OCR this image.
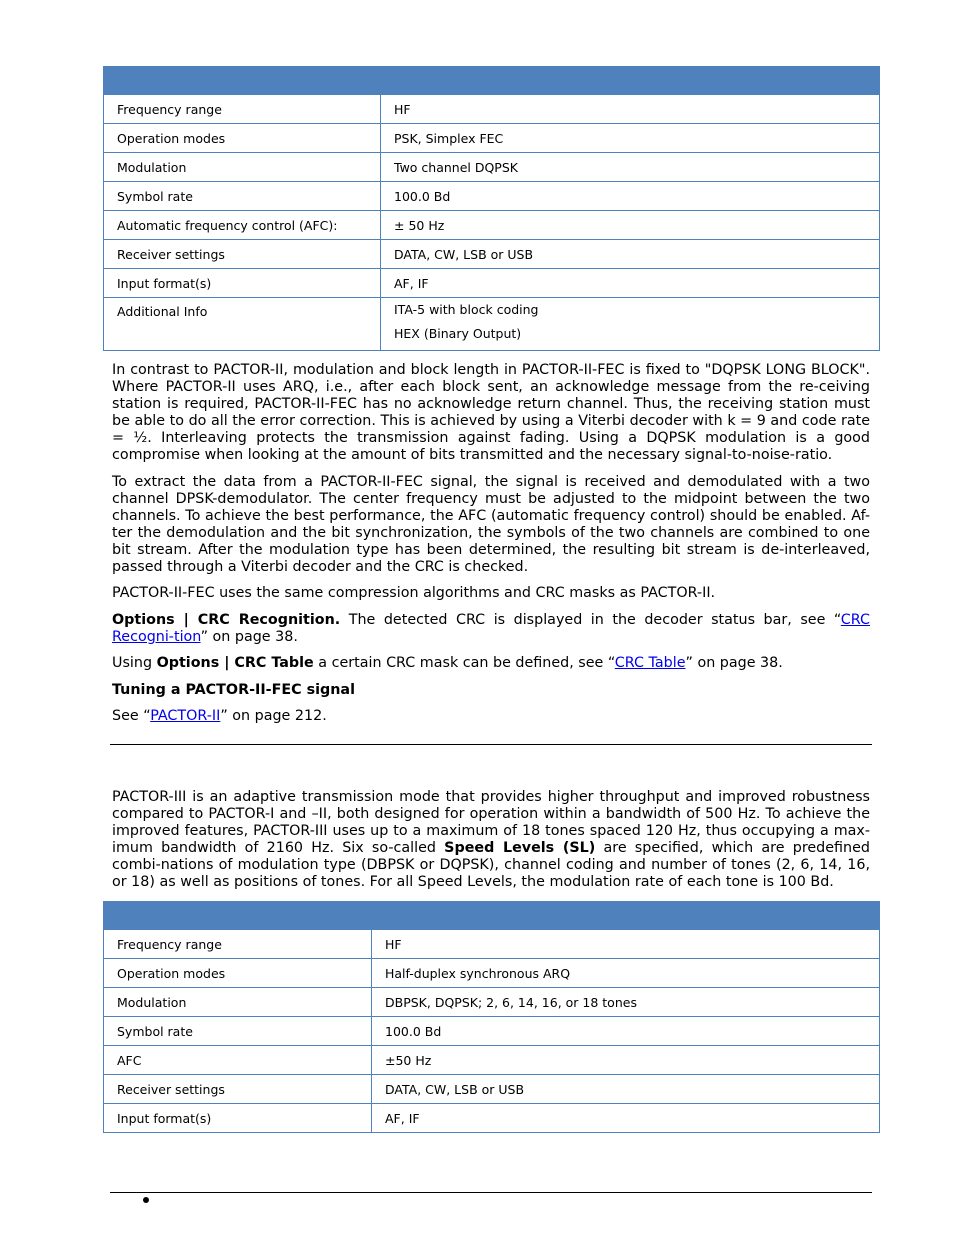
Frequency range	HF
Operation modes	PSK, Simplex FEC
Modulation	Two channel DQPSK
Symbol rate	100.0 Bd
Automatic frequency control (AFC):	± 50 Hz
Receiver settings	DATA, CW, LSB or USB
Input format(s)	AF, IF
Additional Info	ITA-5 with block coding
HEX (Binary Output)

In contrast to PACTOR-II, modulation and block length in PACTOR-II-FEC is fixed to "DQPSK LONG BLOCK". Where PACTOR-II uses ARQ, i.e., after each block sent, an acknowledge message from the re-ceiving station is required, PACTOR-II-FEC has no acknowledge return channel. Thus, the receiving station must be able to do all the error correction. This is achieved by using a Viterbi decoder with k = 9 and code rate = ½. Interleaving protects the transmission against fading. Using a DQPSK modulation is a good compromise when looking at the amount of bits transmitted and the necessary signal-to-noise-ratio.

To extract the data from a PACTOR-II-FEC signal, the signal is received and demodulated with a two channel DPSK-demodulator. The center frequency must be adjusted to the midpoint between the two channels. To achieve the best performance, the AFC (automatic frequency control) should be enabled. Af-ter the demodulation and the bit synchronization, the symbols of the two channels are combined to one bit stream. After the modulation type has been determined, the resulting bit stream is de-interleaved, passed through a Viterbi decoder and the CRC is checked.

PACTOR-II-FEC uses the same compression algorithms and CRC masks as PACTOR-II.

Options | CRC Recognition. The detected CRC is displayed in the decoder status bar, see “CRC Recogni-tion” on page 38.

Using Options | CRC Table a certain CRC mask can be defined, see “CRC Table” on page 38.

Tuning a PACTOR-II-FEC signal

See “PACTOR-II” on page 212.

PACTOR-III is an adaptive transmission mode that provides higher throughput and improved robustness compared to PACTOR-I and –II, both designed for operation within a bandwidth of 500 Hz. To achieve the improved features, PACTOR-III uses up to a maximum of 18 tones spaced 120 Hz, thus occupying a max-imum bandwidth of 2160 Hz. Six so-called Speed Levels (SL) are specified, which are predefined combi-nations of modulation type (DBPSK or DQPSK), channel coding and number of tones (2, 6, 14, 16, or 18) as well as positions of tones. For all Speed Levels, the modulation rate of each tone is 100 Bd.

Frequency range	HF
Operation modes	Half-duplex synchronous ARQ
Modulation	DBPSK, DQPSK; 2, 6, 14, 16, or 18 tones
Symbol rate	100.0 Bd
AFC	±50 Hz
Receiver settings	DATA, CW, LSB or USB
Input format(s)	AF, IF
